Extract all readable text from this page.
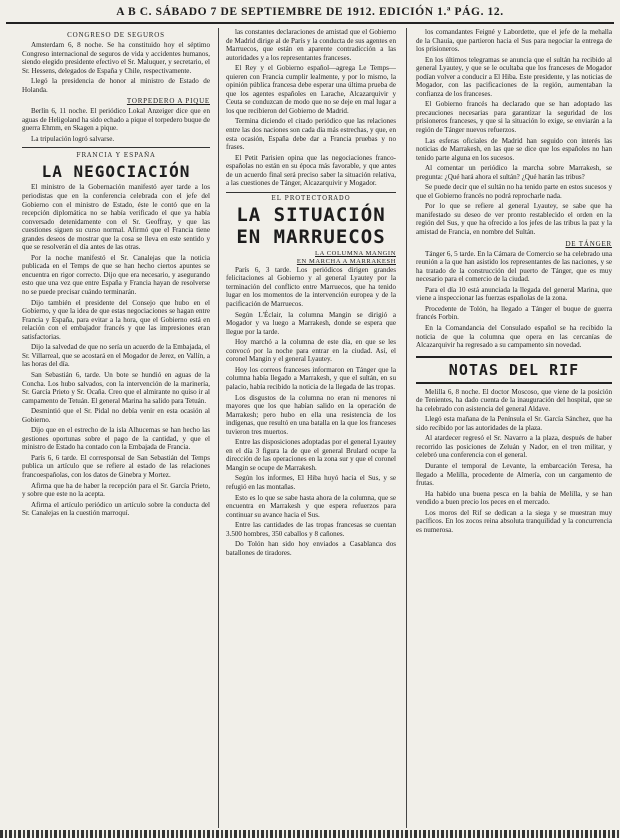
A B C. SÁBADO 7 DE SEPTIEMBRE DE 1912. EDICIÓN 1.ª PÁG. 12.
CONGRESO DE SEGUROS

Amsterdam 6, 8 noche. Se ha constituido hoy el séptimo Congreso internacional de seguros de vida y accidentes humanos, siendo elegido presidente efectivo el Sr. Maluquer, y secretario, el Sr. Hessens, delegados de España y Chile, respectivamente.

Llegó la presidencia de honor al ministro de Estado de Holanda.

TORPEDERO A PIQUE

Berlín 6, 11 noche. El periódico Lokal Anzeiger dice que en aguas de Heligoland ha sido echado a pique el torpedero buque de guerra Ehmm, en Skagen a pique.

La tripulación logró salvarse.

FRANCIA Y ESPAÑA
LA NEGOCIACIÓN

El ministro de la Gobernación manifestó ayer tarde a los periodistas que en la conferencia celebrada con el jefe del Gobierno con el ministro de Estado, éste le contó que en la recepción diplomática no se había verificado el que ya había conversado detenidamente con el Sr. Geoffray, y que las cuestiones siguen su curso normal. Afirmó que el Francia tiene grandes deseos de mostrar que la cosa se lleva en este sentido y que se resolverán el día antes de las otras.

Por la noche manifestó el Sr. Canalejas que la noticia publicada en el Temps de que se han hecho ciertos apuntes se encuentra en rigor correcto. Dijo que era necesario, y asegurando esto que una vez que entre España y Francia hayan de resolverse no se puede precisar cuándo terminarán.

Dijo también el presidente del Consejo que hubo en el Gobierno, y que la idea de que estas negociaciones se hagan entre Francia y España, para evitar a la hora, que el Gobierno está en relación con el embajador francés y que las impresiones eran satisfactorias.

Dijo la salvedad de que no sería un acuerdo de la Embajada, el Sr. Villarreal, que se acostará en el Mogador de Jerez, en Vallín, a las horas del día.

San Sebastián 6, tarde. Un bote se hundió en aguas de la Concha. Los hubo salvados, con la intervención de la marinería, Sr. García Prieto y Sr. Ocaña. Creo que el almirante no quiso ir al campamento de Tetuán. El general Marina ha salido para Tetuán.

Desmintió que el Sr. Pidal no debía venir en esta ocasión al Gobierno.

Dijo que en el estrecho de la isla Alhucemas se han hecho las gestiones oportunas sobre el pago de la cantidad, y que el ministro de Estado ha contado con la Embajada de Francia.

París 6, 6 tarde. El corresponsal de San Sebastián del Temps publica un artículo que se refiere al estado de las relaciones francoespañolas, con los datos de Ginebra y Mortez.

Afirma que ha de haber la recepción para el Sr. García Prieto, y sobre que este no la acepta.

Afirma el artículo periódico un artículo sobre la conducta del Sr. Canalejas en la cuestión marroquí.

las constantes declaraciones de amistad que el Gobierno de Madrid dirige al de París y la conducta de sus agentes en Marruecos, que están en aparente contradicción a las autoridades y a los representantes franceses.

El Rey y el Gobierno español—agrega Le Temps—quieren con Francia cumplir lealmente, y por lo mismo, la opinión pública francesa debe esperar una última prueba de que los agentes españoles en Larache, Alcazarquivir y Ceuta se conduzcan de modo que no se deje en mal lugar a los que recibieron del Gobierno de Madrid.

Termina diciendo el citado periódico que las relaciones entre las dos naciones son cada día más estrechas, y que, en esta ocasión, España debe dar a Francia pruebas y no frases.

El Petit Parisien opina que las negociaciones franco-españolas no están en su época más favorable, y que antes de un acuerdo final será preciso saber la situación relativa, a las cuestiones de Tánger, Alcazarquivir y Mogador.

EL PROTECTORADO
LA SITUACIÓN EN MARRUECOS
LA COLUMNA MANGIN
EN MARCHA A MARRAKESH

París 6, 3 tarde. Los periódicos dirigen grandes felicitaciones al Gobierno y al general Lyautey por la terminación del conflicto entre Marruecos, que ha tenido lugar en los momentos de la intervención europea y de la pacificación de Marruecos.

Según L'Éclair, la columna Mangin se dirigió a Mogador y va luego a Marrakesh, donde se espera que llegue por la tarde.

Hoy marchó a la columna de este día, en que se les convocó por la noche para entrar en la ciudad. Así, el coronel Mangin y el general Lyautey.

Hoy los correos franceses informaron en Tánger que la columna había llegado a Marrakesh, y que el sultán, en su palacio, había recibido la noticia de la llegada de las tropas.

Los disgustos de la columna no eran ni menores ni mayores que los que habían salido en la operación de Marrakesh; pero hubo en ella una resistencia de los indígenas, que resultó en una batalla en la que los franceses tuvieron tres muertos.

Entre las disposiciones adoptadas por el general Lyautey en el día 3 figura la de que el general Brulard ocupe la dirección de las operaciones en la zona sur y que el coronel Mangin se ocupe de Marrakesh.

Según los informes, El Hiba huyó hacia el Sus, y se refugió en las montañas.

Esto es lo que se sabe hasta ahora de la columna, que se encuentra en Marrakesh y que espera refuerzos para continuar su avance hacia el Sus.

Entre las cantidades de las tropas francesas se cuentan 3.500 hombres, 350 caballos y 8 cañones.

Do Tolón han sido hoy enviados a Casablanca dos batallones de tiradores.

los comandantes Feigné y Labordette, que el jefe de la mehalla de la Chauía, que partieron hacia el Sus para negociar la entrega de los prisioneros.

En los últimos telegramas se anuncia que el sultán ha recibido al general Lyautey, y que se le ocultaba que los franceses de Mogador podían volver a conducir a El Hiba. Este presidente, y las noticias de Mogador, con las pacificaciones de la región, aumentaban la confianza de los franceses.

El Gobierno francés ha declarado que se han adoptado las precauciones necesarias para garantizar la seguridad de los prisioneros franceses, y que si la situación lo exige, se enviarán a la región de Tánger nuevos refuerzos.

Las esferas oficiales de Madrid han seguido con interés las noticias de Marrakesh, en las que se dice que los españoles no han tenido parte alguna en los sucesos.

Al comentar un periódico la marcha sobre Marrakesh, se pregunta: ¿Qué hará ahora el sultán? ¿Qué harán las tribus?

Se puede decir que el sultán no ha tenido parte en estos sucesos y que el Gobierno francés no podrá reprocharle nada.

Por lo que se refiere al general Lyautey, se sabe que ha manifestado su deseo de ver pronto restablecido el orden en la región del Sus, y que ha ofrecido a los jefes de las tribus la paz y la amistad de Francia, en nombre del Sultán.

DE TÁNGER

Tánger 6, 5 tarde. En la Cámara de Comercio se ha celebrado una reunión a la que han asistido los representantes de las naciones, y se ha tratado de la construcción del puerto de Tánger, que es muy necesario para el comercio de la ciudad.

Para el día 10 está anunciada la llegada del general Marina, que viene a inspeccionar las fuerzas españolas de la zona.

Procedente de Tolón, ha llegado a Tánger el buque de guerra francés Forbin.

En la Comandancia del Consulado español se ha recibido la noticia de que la columna que opera en las cercanías de Alcazarquivir ha regresado a su campamento sin novedad.

NOTAS DEL RIF

Melilla 6, 8 noche. El doctor Moscoso, que viene de la posición de Tenientes, ha dado cuenta de la inauguración del hospital, que se ha celebrado con asistencia del general Aldave.

Llegó esta mañana de la Península el Sr. García Sánchez, que ha sido recibido por las autoridades de la plaza.

Al atardecer regresó el Sr. Navarro a la plaza, después de haber recorrido las posiciones de Zeluán y Nador, en el tren militar, y celebró una conferencia con el general.

Durante el temporal de Levante, la embarcación Teresa, ha llegado a Melilla, procedente de Almería, con un cargamento de frutas.

Ha habido una buena pesca en la bahía de Melilla, y se han vendido a buen precio los peces en el mercado.

Los moros del Rif se dedican a la siega y se muestran muy pacíficos. En los zocos reina absoluta tranquilidad y la concurrencia es numerosa.
